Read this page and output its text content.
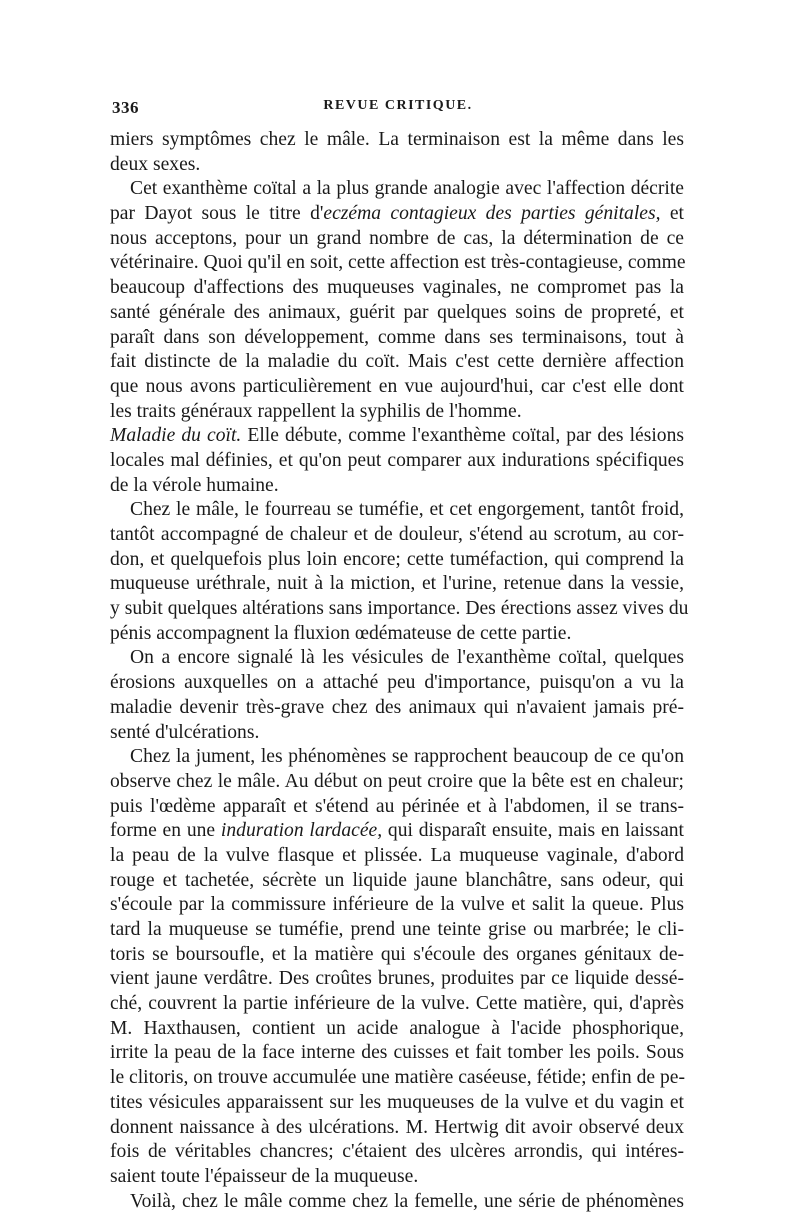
336	REVUE CRITIQUE.
miers symptômes chez le mâle. La terminaison est la même dans les
deux sexes.
Cet exanthème coïtal a la plus grande analogie avec l'affection décrite
par Dayot sous le titre d'eczéma contagieux des parties génitales, et
nous acceptons, pour un grand nombre de cas, la détermination de ce
vétérinaire. Quoi qu'il en soit, cette affection est très-contagieuse, comme
beaucoup d'affections des muqueuses vaginales, ne compromet pas la
santé générale des animaux, guérit par quelques soins de propreté, et
paraît dans son développement, comme dans ses terminaisons, tout à
fait distincte de la maladie du coït. Mais c'est cette dernière affection
que nous avons particulièrement en vue aujourd'hui, car c'est elle dont
les traits généraux rappellent la syphilis de l'homme.
Maladie du coït. Elle débute, comme l'exanthème coïtal, par des lésions
locales mal définies, et qu'on peut comparer aux indurations spécifiques
de la vérole humaine.
Chez le mâle, le fourreau se tuméfie, et cet engorgement, tantôt froid,
tantôt accompagné de chaleur et de douleur, s'étend au scrotum, au cor-
don, et quelquefois plus loin encore; cette tuméfaction, qui comprend la
muqueuse uréthrale, nuit à la miction, et l'urine, retenue dans la vessie,
y subit quelques altérations sans importance. Des érections assez vives du
pénis accompagnent la fluxion œdémateuse de cette partie.
On a encore signalé là les vésicules de l'exanthème coïtal, quelques
érosions auxquelles on a attaché peu d'importance, puisqu'on a vu la
maladie devenir très-grave chez des animaux qui n'avaient jamais pré-
senté d'ulcérations.
Chez la jument, les phénomènes se rapprochent beaucoup de ce qu'on
observe chez le mâle. Au début on peut croire que la bête est en chaleur;
puis l'œdème apparaît et s'étend au périnée et à l'abdomen, il se trans-
forme en une induration lardacée, qui disparaît ensuite, mais en laissant
la peau de la vulve flasque et plissée. La muqueuse vaginale, d'abord
rouge et tachetée, sécrète un liquide jaune blanchâtre, sans odeur, qui
s'écoule par la commissure inférieure de la vulve et salit la queue. Plus
tard la muqueuse se tuméfie, prend une teinte grise ou marbrée; le cli-
toris se boursoufle, et la matière qui s'écoule des organes génitaux de-
vient jaune verdâtre. Des croûtes brunes, produites par ce liquide dessé-
ché, couvrent la partie inférieure de la vulve. Cette matière, qui, d'après
M. Haxthausen, contient un acide analogue à l'acide phosphorique,
irrite la peau de la face interne des cuisses et fait tomber les poils. Sous
le clitoris, on trouve accumulée une matière caséeuse, fétide; enfin de pe-
tites vésicules apparaissent sur les muqueuses de la vulve et du vagin et
donnent naissance à des ulcérations. M. Hertwig dit avoir observé deux
fois de véritables chancres; c'étaient des ulcères arrondis, qui intéres-
saient toute l'épaisseur de la muqueuse.
Voilà, chez le mâle comme chez la femelle, une série de phénomènes
